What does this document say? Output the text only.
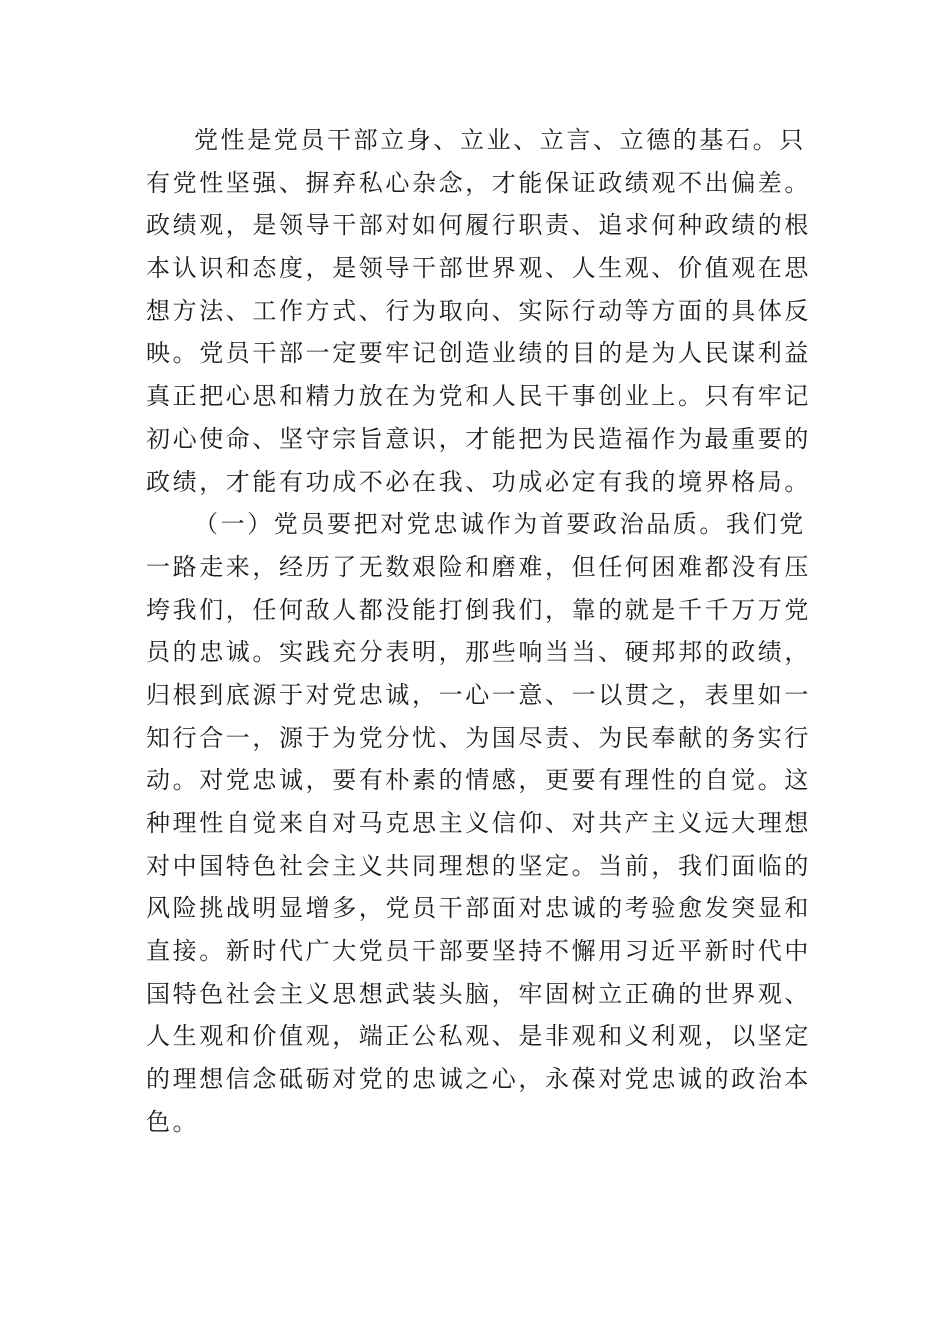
党性是党员干部立身、立业、立言、立德的基石。只
有党性坚强、摒弃私心杂念，才能保证政绩观不出偏差。
政绩观，是领导干部对如何履行职责、追求何种政绩的根
本认识和态度，是领导干部世界观、人生观、价值观在思
想方法、工作方式、行为取向、实际行动等方面的具体反
映。党员干部一定要牢记创造业绩的目的是为人民谋利益
真正把心思和精力放在为党和人民干事创业上。只有牢记
初心使命、坚守宗旨意识，才能把为民造福作为最重要的
政绩，才能有功成不必在我、功成必定有我的境界格局。
（一）党员要把对党忠诚作为首要政治品质。我们党
一路走来，经历了无数艰险和磨难，但任何困难都没有压
垮我们，任何敌人都没能打倒我们，靠的就是千千万万党
员的忠诚。实践充分表明，那些响当当、硬邦邦的政绩，
归根到底源于对党忠诚，一心一意、一以贯之，表里如一
知行合一，源于为党分忧、为国尽责、为民奉献的务实行
动。对党忠诚，要有朴素的情感，更要有理性的自觉。这
种理性自觉来自对马克思主义信仰、对共产主义远大理想
对中国特色社会主义共同理想的坚定。当前，我们面临的
风险挑战明显增多，党员干部面对忠诚的考验愈发突显和
直接。新时代广大党员干部要坚持不懈用习近平新时代中
国特色社会主义思想武装头脑，牢固树立正确的世界观、
人生观和价值观，端正公私观、是非观和义利观，以坚定
的理想信念砥砺对党的忠诚之心，永葆对党忠诚的政治本
色。
